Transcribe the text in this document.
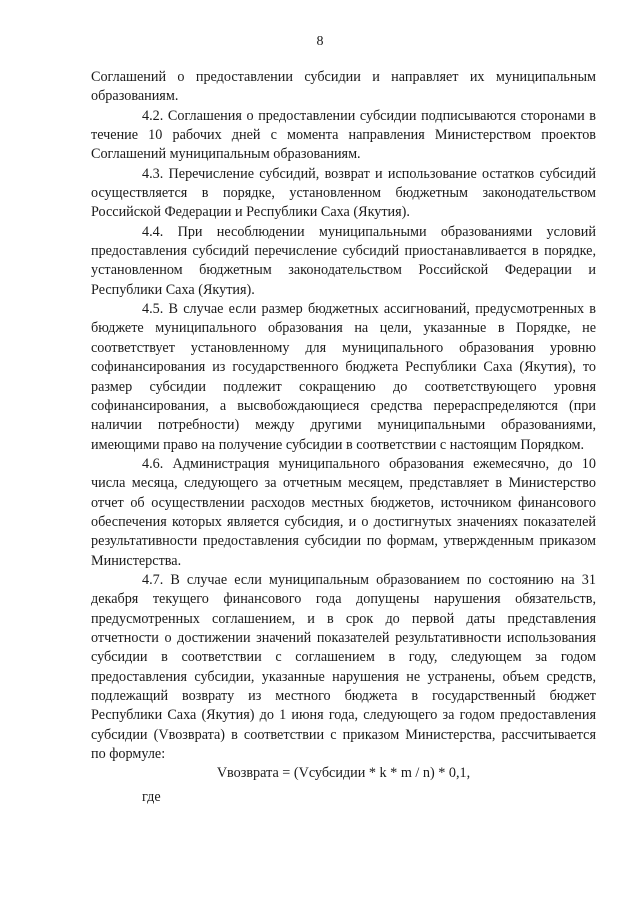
8

Соглашений о предоставлении субсидии и направляет их муниципальным образованиям.

4.2. Соглашения о предоставлении субсидии подписываются сторонами в течение 10 рабочих дней с момента направления Министерством проектов Соглашений муниципальным образованиям.

4.3. Перечисление субсидий, возврат и использование остатков субсидий осуществляется в порядке, установленном бюджетным законодательством Российской Федерации и Республики Саха (Якутия).

4.4. При несоблюдении муниципальными образованиями условий предоставления субсидий перечисление субсидий приостанавливается в порядке, установленном бюджетным законодательством Российской Федерации и Республики Саха (Якутия).

4.5. В случае если размер бюджетных ассигнований, предусмотренных в бюджете муниципального образования на цели, указанные в Порядке, не соответствует установленному для муниципального образования уровню софинансирования из государственного бюджета Республики Саха (Якутия), то размер субсидии подлежит сокращению до соответствующего уровня софинансирования, а высвобождающиеся средства перераспределяются (при наличии потребности) между другими муниципальными образованиями, имеющими право на получение субсидии в соответствии с настоящим Порядком.

4.6. Администрация муниципального образования ежемесячно, до 10 числа месяца, следующего за отчетным месяцем, представляет в Министерство отчет об осуществлении расходов местных бюджетов, источником финансового обеспечения которых является субсидия, и о достигнутых значениях показателей результативности предоставления субсидии по формам, утвержденным приказом Министерства.

4.7. В случае если муниципальным образованием по состоянию на 31 декабря текущего финансового года допущены нарушения обязательств, предусмотренных соглашением, и в срок до первой даты представления отчетности о достижении значений показателей результативности использования субсидии в соответствии с соглашением в году, следующем за годом предоставления субсидии, указанные нарушения не устранены, объем средств, подлежащий возврату из местного бюджета в государственный бюджет Республики Саха (Якутия) до 1 июня года, следующего за годом предоставления субсидии (Vвозврата) в соответствии с приказом Министерства, рассчитывается по формуле:

Vвозврата = (Vсубсидии * k * m / n) * 0,1,

где
